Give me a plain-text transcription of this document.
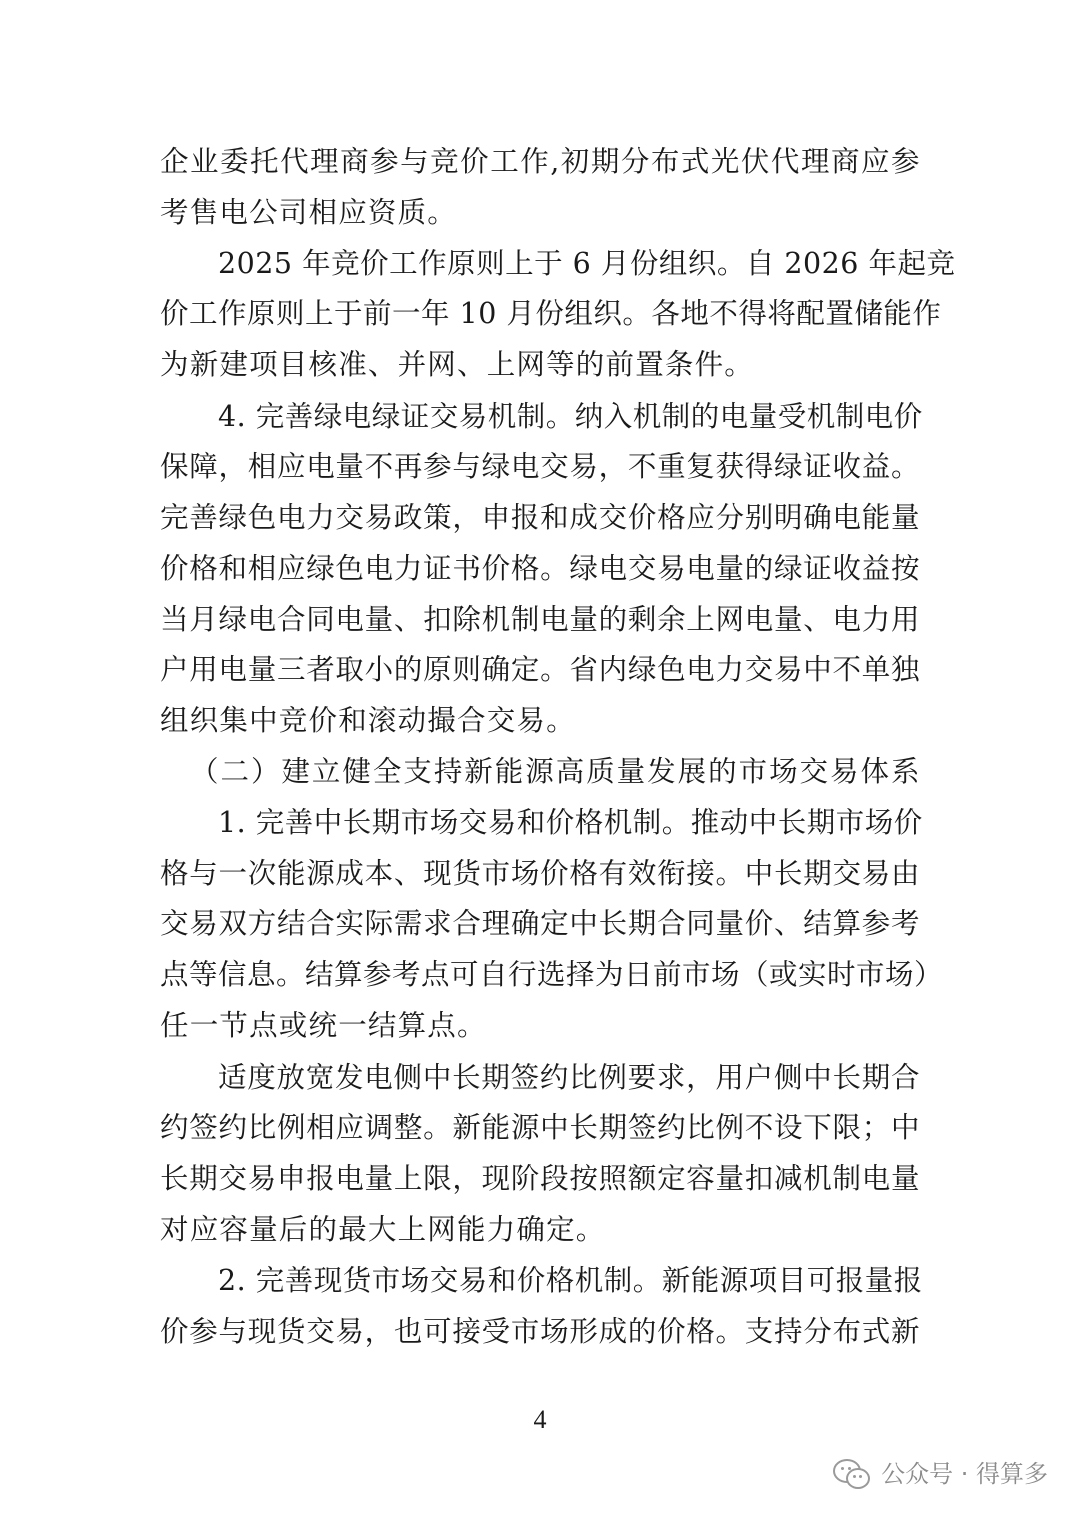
企业委托代理商参与竞价工作,初期分布式光伏代理商应参
考售电公司相应资质。
2025 年竞价工作原则上于 6 月份组织。自 2026 年起竞
价工作原则上于前一年 10 月份组织。各地不得将配置储能作
为新建项目核准、并网、上网等的前置条件。
4. 完善绿电绿证交易机制。纳入机制的电量受机制电价
保障，相应电量不再参与绿电交易，不重复获得绿证收益。
完善绿色电力交易政策，申报和成交价格应分别明确电能量
价格和相应绿色电力证书价格。绿电交易电量的绿证收益按
当月绿电合同电量、扣除机制电量的剩余上网电量、电力用
户用电量三者取小的原则确定。省内绿色电力交易中不单独
组织集中竞价和滚动撮合交易。
（二）建立健全支持新能源高质量发展的市场交易体系
1. 完善中长期市场交易和价格机制。推动中长期市场价
格与一次能源成本、现货市场价格有效衔接。中长期交易由
交易双方结合实际需求合理确定中长期合同量价、结算参考
点等信息。结算参考点可自行选择为日前市场（或实时市场）
任一节点或统一结算点。
适度放宽发电侧中长期签约比例要求，用户侧中长期合
约签约比例相应调整。新能源中长期签约比例不设下限；中
长期交易申报电量上限，现阶段按照额定容量扣减机制电量
对应容量后的最大上网能力确定。
2. 完善现货市场交易和价格机制。新能源项目可报量报
价参与现货交易，也可接受市场形成的价格。支持分布式新
4
公众号 · 得算多
